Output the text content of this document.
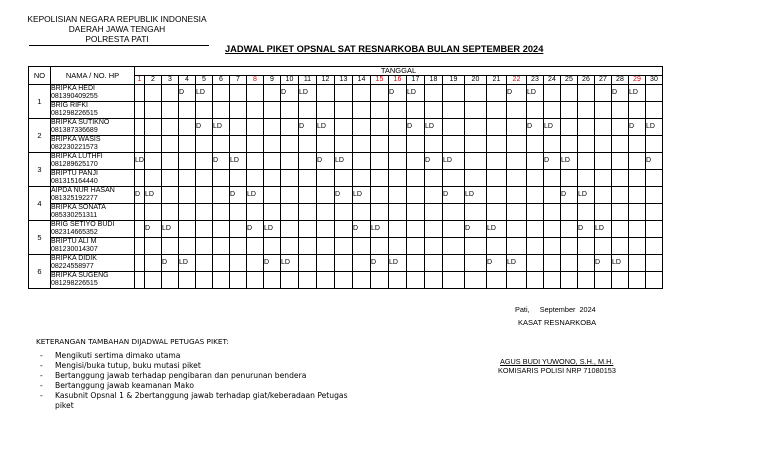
KEPOLISIAN NEGARA REPUBLIK INDONESIA
DAERAH JAWA TENGAH
POLRESTA PATI
JADWAL PIKET OPSNAL SAT RESNARKOBA BULAN SEPTEMBER 2024
NO	NAMA / NO. HP	TANGGAL																													
		1	2	3	4	5	6	7	8	9	10	11	12	13	14	15	16	17	18	19	20	21	22	23	24	25	26	27	28	29	30
1	BRIPKA HEDI
081390409255				D	LD					D	LD					D	LD					D	LD					D	LD	

	BRIG RIFKI
081298226515																														

2	BRIPKA SUTIKNO
081387336689					D	LD					D	LD					D	LD					D	LD					D	LD

	BRIPKA WASIS
082230221573																														

3	BRIPKA LUTHFI
081289625170	LD					D	LD					D	LD					D	LD					D	LD					D

	BRIPTU PANJI
081315164440																														

4	AIPDA NUR HASAN
081325192277	D	LD					D	LD					D	LD					D	LD					D	LD				

	BRIPKA SONATA
085330251311																														

5	BRIG SETIYO BUDI
082314665352		D	LD					D	LD					D	LD					D	LD					D	LD			

	BRIPTU ALI M
081230014307																														

6	BRIPKA DIDIK
08224558977			D	LD					D	LD					D	LD					D	LD					D	LD		

	BRIPKA SUGENG
081298226515																														

Pati,     September  2024
KASAT RESNARKOBA
AGUS BUDI YUWONO, S.H., M.H.
KOMISARIS POLISI NRP 71080153
KETERANGAN TAMBAHAN DIJADWAL PETUGAS PIKET:
- Mengikuti sertima dimako utama
- Mengisi/buka tutup, buku mutasi piket
- Bertanggung jawab terhadap pengibaran dan penurunan bendera
- Bertanggung jawab keamanan Mako
- Kasubnit Opsnal 1 & 2bertanggung jawab terhadap giat/keberadaan Petugas piket
